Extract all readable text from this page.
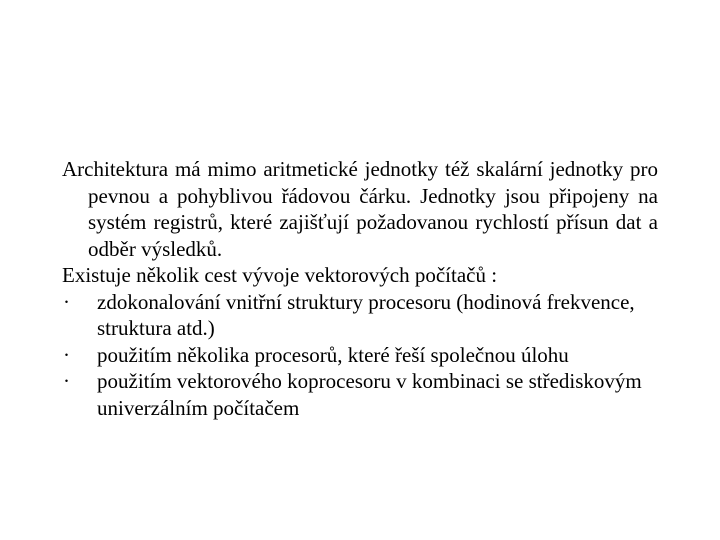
Architektura má mimo aritmetické jednotky též skalární jednotky pro pevnou a pohyblivou řádovou čárku. Jednotky jsou připojeny na systém registrů, které zajišťují požadovanou rychlostí přísun dat a odběr výsledků.

Existuje několik cest vývoje vektorových počítačů :

·	zdokonalování vnitřní struktury procesoru (hodinová frekvence, struktura atd.)
·	použitím několika procesorů, které řeší společnou úlohu
·	použitím vektorového koprocesoru v kombinaci se střediskovým univerzálním počítačem
